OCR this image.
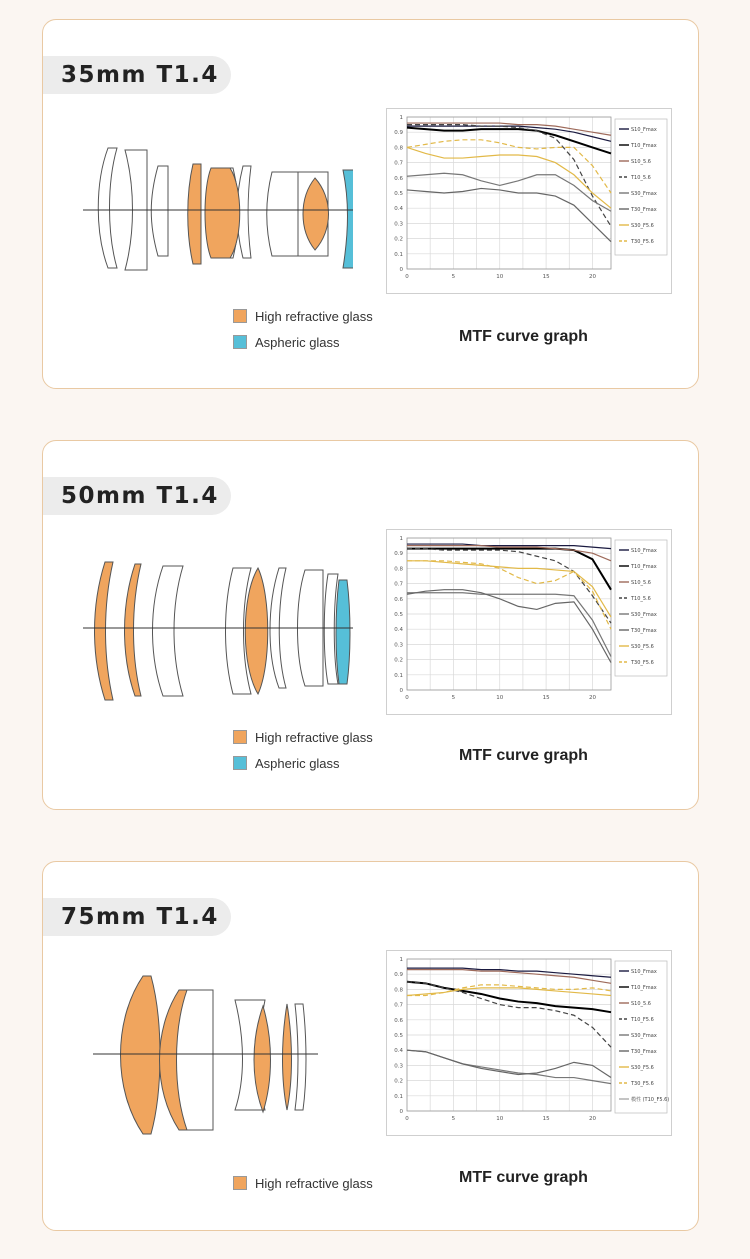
35mm T1.4
High refractive glass
Aspheric glass
0
0.1
0.2
0.3
0.4
0.5
0.6
0.7
0.8
0.9
1
0	5	10	15	20
S10_Fmax
T10_Fmax
S10_5.6
T10_5.6
S30_Fmax
T30_Fmax
S30_F5.6
T30_F5.6
MTF curve graph
50mm T1.4
High refractive glass
Aspheric glass
0
0.1
0.2
0.3
0.4
0.5
0.6
0.7
0.8
0.9
1
0	5	10	15	20
S10_Fmax
T10_Fmax
S10_5.6
T10_5.6
S30_Fmax
T30_Fmax
S30_F5.6
T30_F5.6
MTF curve graph
75mm T1.4
High refractive glass
0
0.1
0.2
0.3
0.4
0.5
0.6
0.7
0.8
0.9
1
0	5	10	15	20
S10_Fmax
T10_Fmax
S10_5.6
T10_F5.6
S30_Fmax
T30_Fmax
S30_F5.6
T30_F5.6
模性 (T10_F5.6)
MTF curve graph
